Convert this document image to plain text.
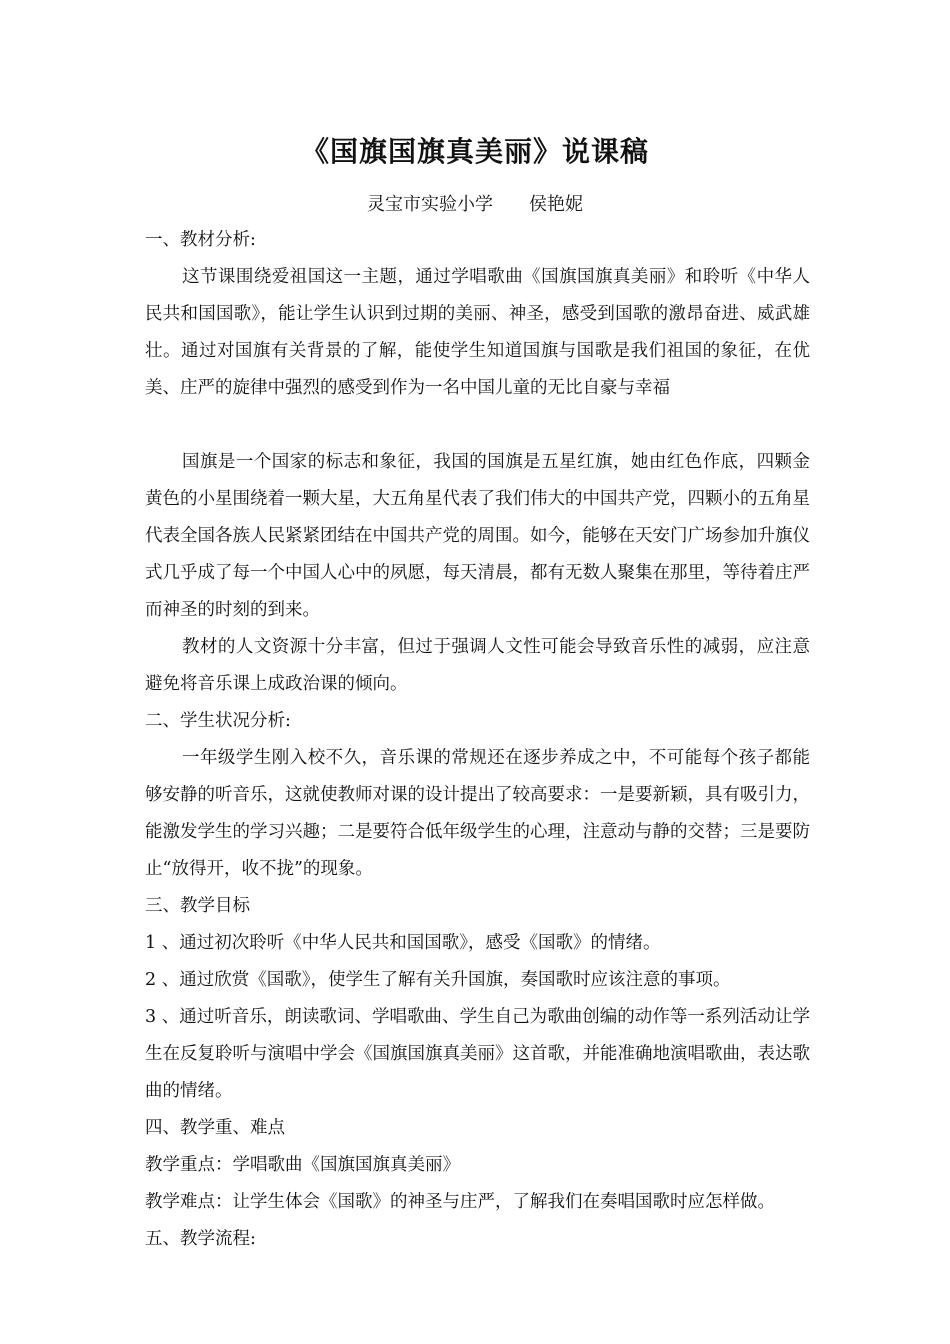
《国旗国旗真美丽》说课稿
灵宝市实验小学 侯艳妮

一、教材分析:

这节课围绕爱祖国这一主题，通过学唱歌曲《国旗国旗真美丽》和聆听《中华人民共和国国歌》，能让学生认识到过期的美丽、神圣，感受到国歌的激昂奋进、威武雄壮。通过对国旗有关背景的了解，能使学生知道国旗与国歌是我们祖国的象征，在优美、庄严的旋律中强烈的感受到作为一名中国儿童的无比自豪与幸福

国旗是一个国家的标志和象征，我国的国旗是五星红旗，她由红色作底，四颗金黄色的小星围绕着一颗大星，大五角星代表了我们伟大的中国共产党，四颗小的五角星代表全国各族人民紧紧团结在中国共产党的周围。如今，能够在天安门广场参加升旗仪式几乎成了每一个中国人心中的夙愿，每天清晨，都有无数人聚集在那里，等待着庄严而神圣的时刻的到来。

教材的人文资源十分丰富，但过于强调人文性可能会导致音乐性的减弱，应注意避免将音乐课上成政治课的倾向。

二、学生状况分析:

一年级学生刚入校不久，音乐课的常规还在逐步养成之中，不可能每个孩子都能够安静的听音乐，这就使教师对课的设计提出了较高要求：一是要新颖，具有吸引力，能激发学生的学习兴趣；二是要符合低年级学生的心理，注意动与静的交替；三是要防止“放得开，收不拢”的现象。

三、教学目标

1 、通过初次聆听《中华人民共和国国歌》，感受《国歌》的情绪。

2 、通过欣赏《国歌》，使学生了解有关升国旗，奏国歌时应该注意的事项。

3 、通过听音乐，朗读歌词、学唱歌曲、学生自己为歌曲创编的动作等一系列活动让学生在反复聆听与演唱中学会《国旗国旗真美丽》这首歌，并能准确地演唱歌曲，表达歌曲的情绪。

四、教学重、难点

教学重点：学唱歌曲《国旗国旗真美丽》

教学难点：让学生体会《国歌》的神圣与庄严，了解我们在奏唱国歌时应怎样做。

五、教学流程:
